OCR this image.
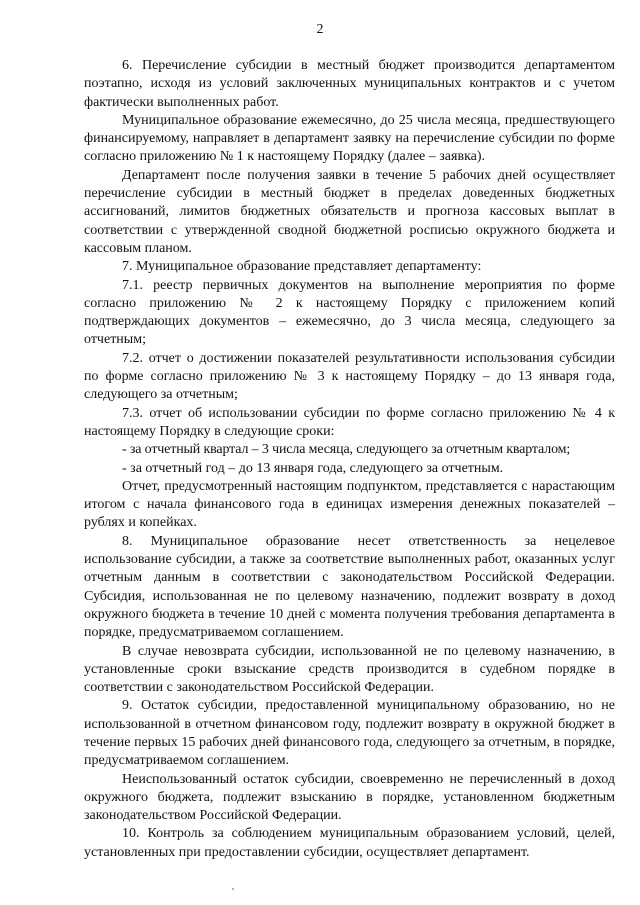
2

6. Перечисление субсидии в местный бюджет производится департаментом поэтапно, исходя из условий заключенных муниципальных контрактов и с учетом фактически выполненных работ.

Муниципальное образование ежемесячно, до 25 числа месяца, предшествующего финансируемому, направляет в департамент заявку на перечисление субсидии по форме согласно приложению № 1 к настоящему Порядку (далее – заявка).

Департамент после получения заявки в течение 5 рабочих дней осуществляет перечисление субсидии в местный бюджет в пределах доведенных бюджетных ассигнований, лимитов бюджетных обязательств и прогноза кассовых выплат в соответствии с утвержденной сводной бюджетной росписью окружного бюджета и кассовым планом.

7. Муниципальное образование представляет департаменту:

7.1. реестр первичных документов на выполнение мероприятия по форме согласно приложению № 2 к настоящему Порядку с приложением копий подтверждающих документов – ежемесячно, до 3 числа месяца, следующего за отчетным;

7.2. отчет о достижении показателей результативности использования субсидии по форме согласно приложению № 3 к настоящему Порядку – до 13 января года, следующего за отчетным;

7.3. отчет об использовании субсидии по форме согласно приложению № 4 к настоящему Порядку в следующие сроки:

- за отчетный квартал – 3 числа месяца, следующего за отчетным кварталом;

- за отчетный год – до 13 января года, следующего за отчетным.

Отчет, предусмотренный настоящим подпунктом, представляется с нарастающим итогом с начала финансового года в единицах измерения денежных показателей – рублях и копейках.

8. Муниципальное образование несет ответственность за нецелевое использование субсидии, а также за соответствие выполненных работ, оказанных услуг отчетным данным в соответствии с законодательством Российской Федерации. Субсидия, использованная не по целевому назначению, подлежит возврату в доход окружного бюджета в течение 10 дней с момента получения требования департамента в порядке, предусматриваемом соглашением.

В случае невозврата субсидии, использованной не по целевому назначению, в установленные сроки взыскание средств производится в судебном порядке в соответствии с законодательством Российской Федерации.

9. Остаток субсидии, предоставленной муниципальному образованию, но не использованной в отчетном финансовом году, подлежит возврату в окружной бюджет в течение первых 15 рабочих дней финансового года, следующего за отчетным, в порядке, предусматриваемом соглашением.

Неиспользованный остаток субсидии, своевременно не перечисленный в доход окружного бюджета, подлежит взысканию в порядке, установленном бюджетным законодательством Российской Федерации.

10. Контроль за соблюдением муниципальным образованием условий, целей, установленных при предоставлении субсидии, осуществляет департамент.
